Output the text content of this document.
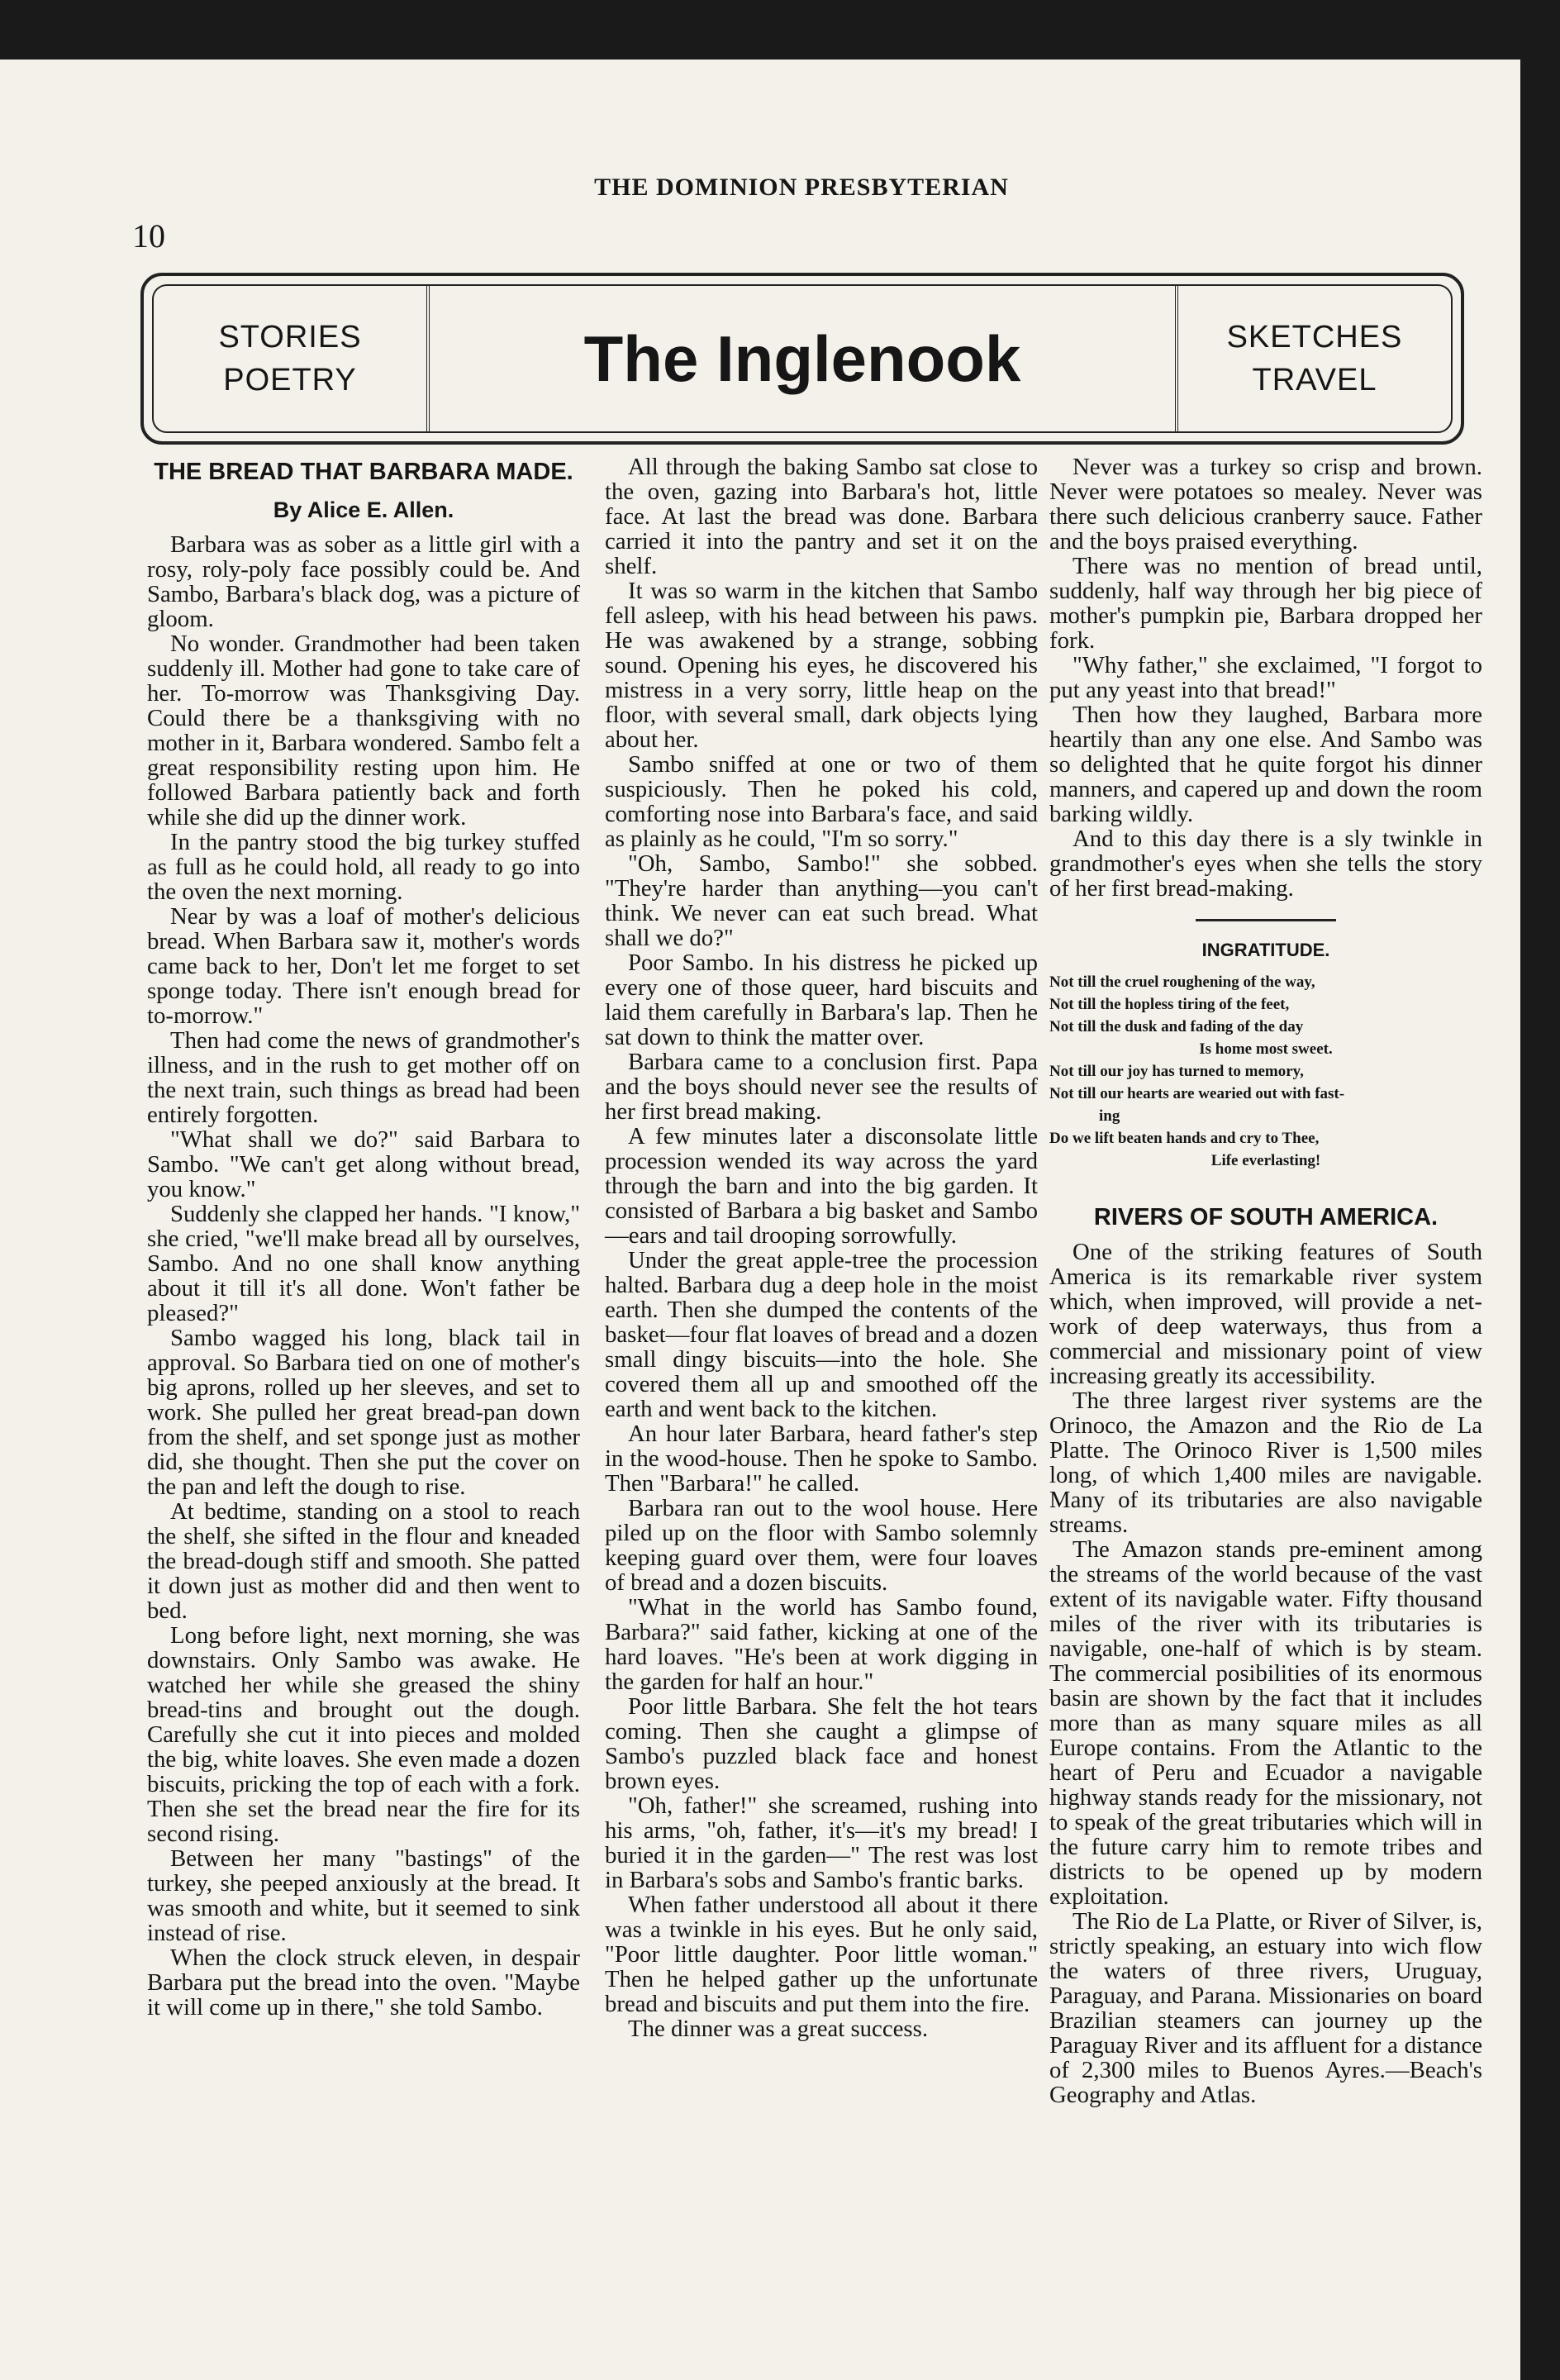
10
THE DOMINION PRESBYTERIAN
STORIES
POETRY	The Inglenook	SKETCHES
TRAVEL
THE BREAD THAT BARBARA MADE.
By Alice E. Allen.

Barbara was as sober as a little girl with a rosy, roly-poly face possibly could be. And Sambo, Barbara's black dog, was a picture of gloom.

No wonder. Grandmother had been taken suddenly ill. Mother had gone to take care of her. To-morrow was Thanksgiving Day. Could there be a thanksgiving with no mother in it, Barbara wondered. Sambo felt a great responsibility resting upon him. He followed Barbara patiently back and forth while she did up the dinner work.

In the pantry stood the big turkey stuffed as full as he could hold, all ready to go into the oven the next morning.

Near by was a loaf of mother's delicious bread. When Barbara saw it, mother's words came back to her, Don't let me forget to set sponge today. There isn't enough bread for to-morrow."

Then had come the news of grandmother's illness, and in the rush to get mother off on the next train, such things as bread had been entirely forgotten.

"What shall we do?" said Barbara to Sambo. "We can't get along without bread, you know."

Suddenly she clapped her hands. "I know," she cried, "we'll make bread all by ourselves, Sambo. And no one shall know anything about it till it's all done. Won't father be pleased?"

Sambo wagged his long, black tail in approval. So Barbara tied on one of mother's big aprons, rolled up her sleeves, and set to work. She pulled her great bread-pan down from the shelf, and set sponge just as mother did, she thought. Then she put the cover on the pan and left the dough to rise.

At bedtime, standing on a stool to reach the shelf, she sifted in the flour and kneaded the bread-dough stiff and smooth. She patted it down just as mother did and then went to bed.

Long before light, next morning, she was downstairs. Only Sambo was awake. He watched her while she greased the shiny bread-tins and brought out the dough. Carefully she cut it into pieces and molded the big, white loaves. She even made a dozen biscuits, pricking the top of each with a fork. Then she set the bread near the fire for its second rising.

Between her many "bastings" of the turkey, she peeped anxiously at the bread. It was smooth and white, but it seemed to sink instead of rise.

When the clock struck eleven, in despair Barbara put the bread into the oven. "Maybe it will come up in there," she told Sambo.

All through the baking Sambo sat close to the oven, gazing into Barbara's hot, little face. At last the bread was done. Barbara carried it into the pantry and set it on the shelf.

It was so warm in the kitchen that Sambo fell asleep, with his head between his paws. He was awakened by a strange, sobbing sound. Opening his eyes, he discovered his mistress in a very sorry, little heap on the floor, with several small, dark objects lying about her.

Sambo sniffed at one or two of them suspiciously. Then he poked his cold, comforting nose into Barbara's face, and said as plainly as he could, "I'm so sorry."

"Oh, Sambo, Sambo!" she sobbed. "They're harder than anything—you can't think. We never can eat such bread. What shall we do?"

Poor Sambo. In his distress he picked up every one of those queer, hard biscuits and laid them carefully in Barbara's lap. Then he sat down to think the matter over.

Barbara came to a conclusion first. Papa and the boys should never see the results of her first bread making.

A few minutes later a disconsolate little procession wended its way across the yard through the barn and into the big garden. It consisted of Barbara a big basket and Sambo—ears and tail drooping sorrowfully.

Under the great apple-tree the procession halted. Barbara dug a deep hole in the moist earth. Then she dumped the contents of the basket—four flat loaves of bread and a dozen small dingy biscuits—into the hole. She covered them all up and smoothed off the earth and went back to the kitchen.

An hour later Barbara, heard father's step in the wood-house. Then he spoke to Sambo. Then "Barbara!" he called.

Barbara ran out to the wool house. Here piled up on the floor with Sambo solemnly keeping guard over them, were four loaves of bread and a dozen biscuits.

"What in the world has Sambo found, Barbara?" said father, kicking at one of the hard loaves. "He's been at work digging in the garden for half an hour."

Poor little Barbara. She felt the hot tears coming. Then she caught a glimpse of Sambo's puzzled black face and honest brown eyes.

"Oh, father!" she screamed, rushing into his arms, "oh, father, it's—it's my bread! I buried it in the garden—" The rest was lost in Barbara's sobs and Sambo's frantic barks.

When father understood all about it there was a twinkle in his eyes. But he only said, "Poor little daughter. Poor little woman." Then he helped gather up the unfortunate bread and biscuits and put them into the fire.

The dinner was a great success.

Never was a turkey so crisp and brown. Never were potatoes so mealey. Never was there such delicious cranberry sauce. Father and the boys praised everything.

There was no mention of bread until, suddenly, half way through her big piece of mother's pumpkin pie, Barbara dropped her fork.

"Why father," she exclaimed, "I forgot to put any yeast into that bread!"

Then how they laughed, Barbara more heartily than any one else. And Sambo was so delighted that he quite forgot his dinner manners, and capered up and down the room barking wildly.

And to this day there is a sly twinkle in grandmother's eyes when she tells the story of her first bread-making.

INGRATITUDE.
Not till the cruel roughening of the way,
Not till the hopless tiring of the feet,
Not till the dusk and fading of the day
Is home most sweet.
Not till our joy has turned to memory,
Not till our hearts are wearied out with fast-
ing
Do we lift beaten hands and cry to Thee,
Life everlasting!
RIVERS OF SOUTH AMERICA.

One of the striking features of South America is its remarkable river system which, when improved, will provide a net-work of deep waterways, thus from a commercial and missionary point of view increasing greatly its accessibility.

The three largest river systems are the Orinoco, the Amazon and the Rio de La Platte. The Orinoco River is 1,500 miles long, of which 1,400 miles are navigable. Many of its tributaries are also navigable streams.

The Amazon stands pre-eminent among the streams of the world because of the vast extent of its navigable water. Fifty thousand miles of the river with its tributaries is navigable, one-half of which is by steam. The commercial posibilities of its enormous basin are shown by the fact that it includes more than as many square miles as all Europe contains. From the Atlantic to the heart of Peru and Ecuador a navigable highway stands ready for the missionary, not to speak of the great tributaries which will in the future carry him to remote tribes and districts to be opened up by modern exploitation.

The Rio de La Platte, or River of Silver, is, strictly speaking, an estuary into wich flow the waters of three rivers, Uruguay, Paraguay, and Parana. Missionaries on board Brazilian steamers can journey up the Paraguay River and its affluent for a distance of 2,300 miles to Buenos Ayres.—Beach's Geography and Atlas.
